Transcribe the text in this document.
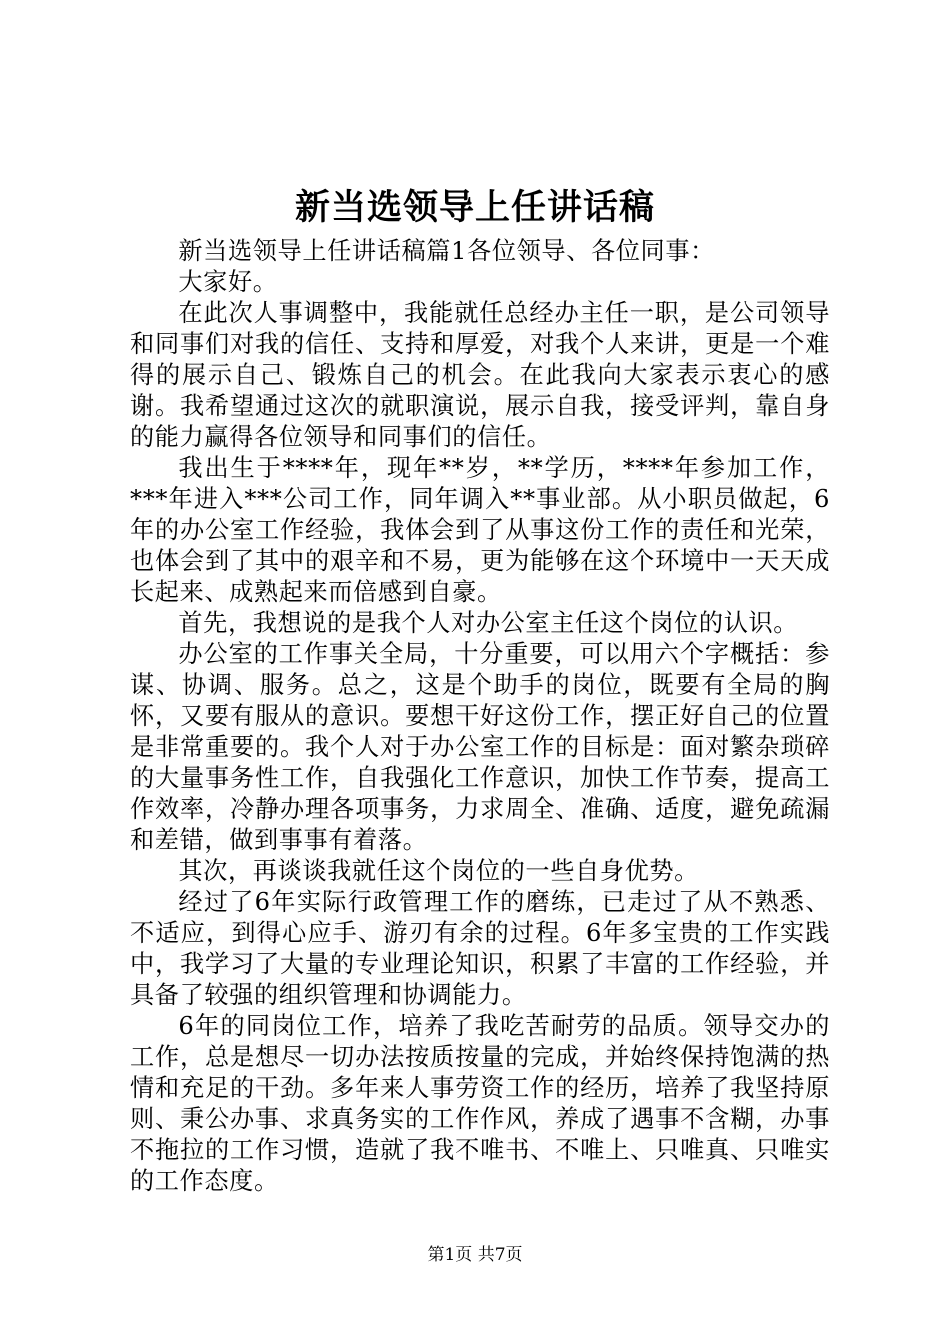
新当选领导上任讲话稿

新当选领导上任讲话稿篇1各位领导、各位同事：

大家好。

在此次人事调整中，我能就任总经办主任一职，是公司领导和同事们对我的信任、支持和厚爱，对我个人来讲，更是一个难得的展示自己、锻炼自己的机会。在此我向大家表示衷心的感谢。我希望通过这次的就职演说，展示自我，接受评判，靠自身的能力赢得各位领导和同事们的信任。

我出生于****年，现年**岁，**学历，****年参加工作，***年进入***公司工作，同年调入**事业部。从小职员做起，6年的办公室工作经验，我体会到了从事这份工作的责任和光荣，也体会到了其中的艰辛和不易，更为能够在这个环境中一天天成长起来、成熟起来而倍感到自豪。

首先，我想说的是我个人对办公室主任这个岗位的认识。

办公室的工作事关全局，十分重要，可以用六个字概括：参谋、协调、服务。总之，这是个助手的岗位，既要有全局的胸怀，又要有服从的意识。要想干好这份工作，摆正好自己的位置是非常重要的。我个人对于办公室工作的目标是：面对繁杂琐碎的大量事务性工作，自我强化工作意识，加快工作节奏，提高工作效率，冷静办理各项事务，力求周全、准确、适度，避免疏漏和差错，做到事事有着落。

其次，再谈谈我就任这个岗位的一些自身优势。

经过了6年实际行政管理工作的磨练，已走过了从不熟悉、不适应，到得心应手、游刃有余的过程。6年多宝贵的工作实践中，我学习了大量的专业理论知识，积累了丰富的工作经验，并具备了较强的组织管理和协调能力。

6年的同岗位工作，培养了我吃苦耐劳的品质。领导交办的工作，总是想尽一切办法按质按量的完成，并始终保持饱满的热情和充足的干劲。多年来人事劳资工作的经历，培养了我坚持原则、秉公办事、求真务实的工作作风，养成了遇事不含糊，办事不拖拉的工作习惯，造就了我不唯书、不唯上、只唯真、只唯实的工作态度。

第1页 共7页
